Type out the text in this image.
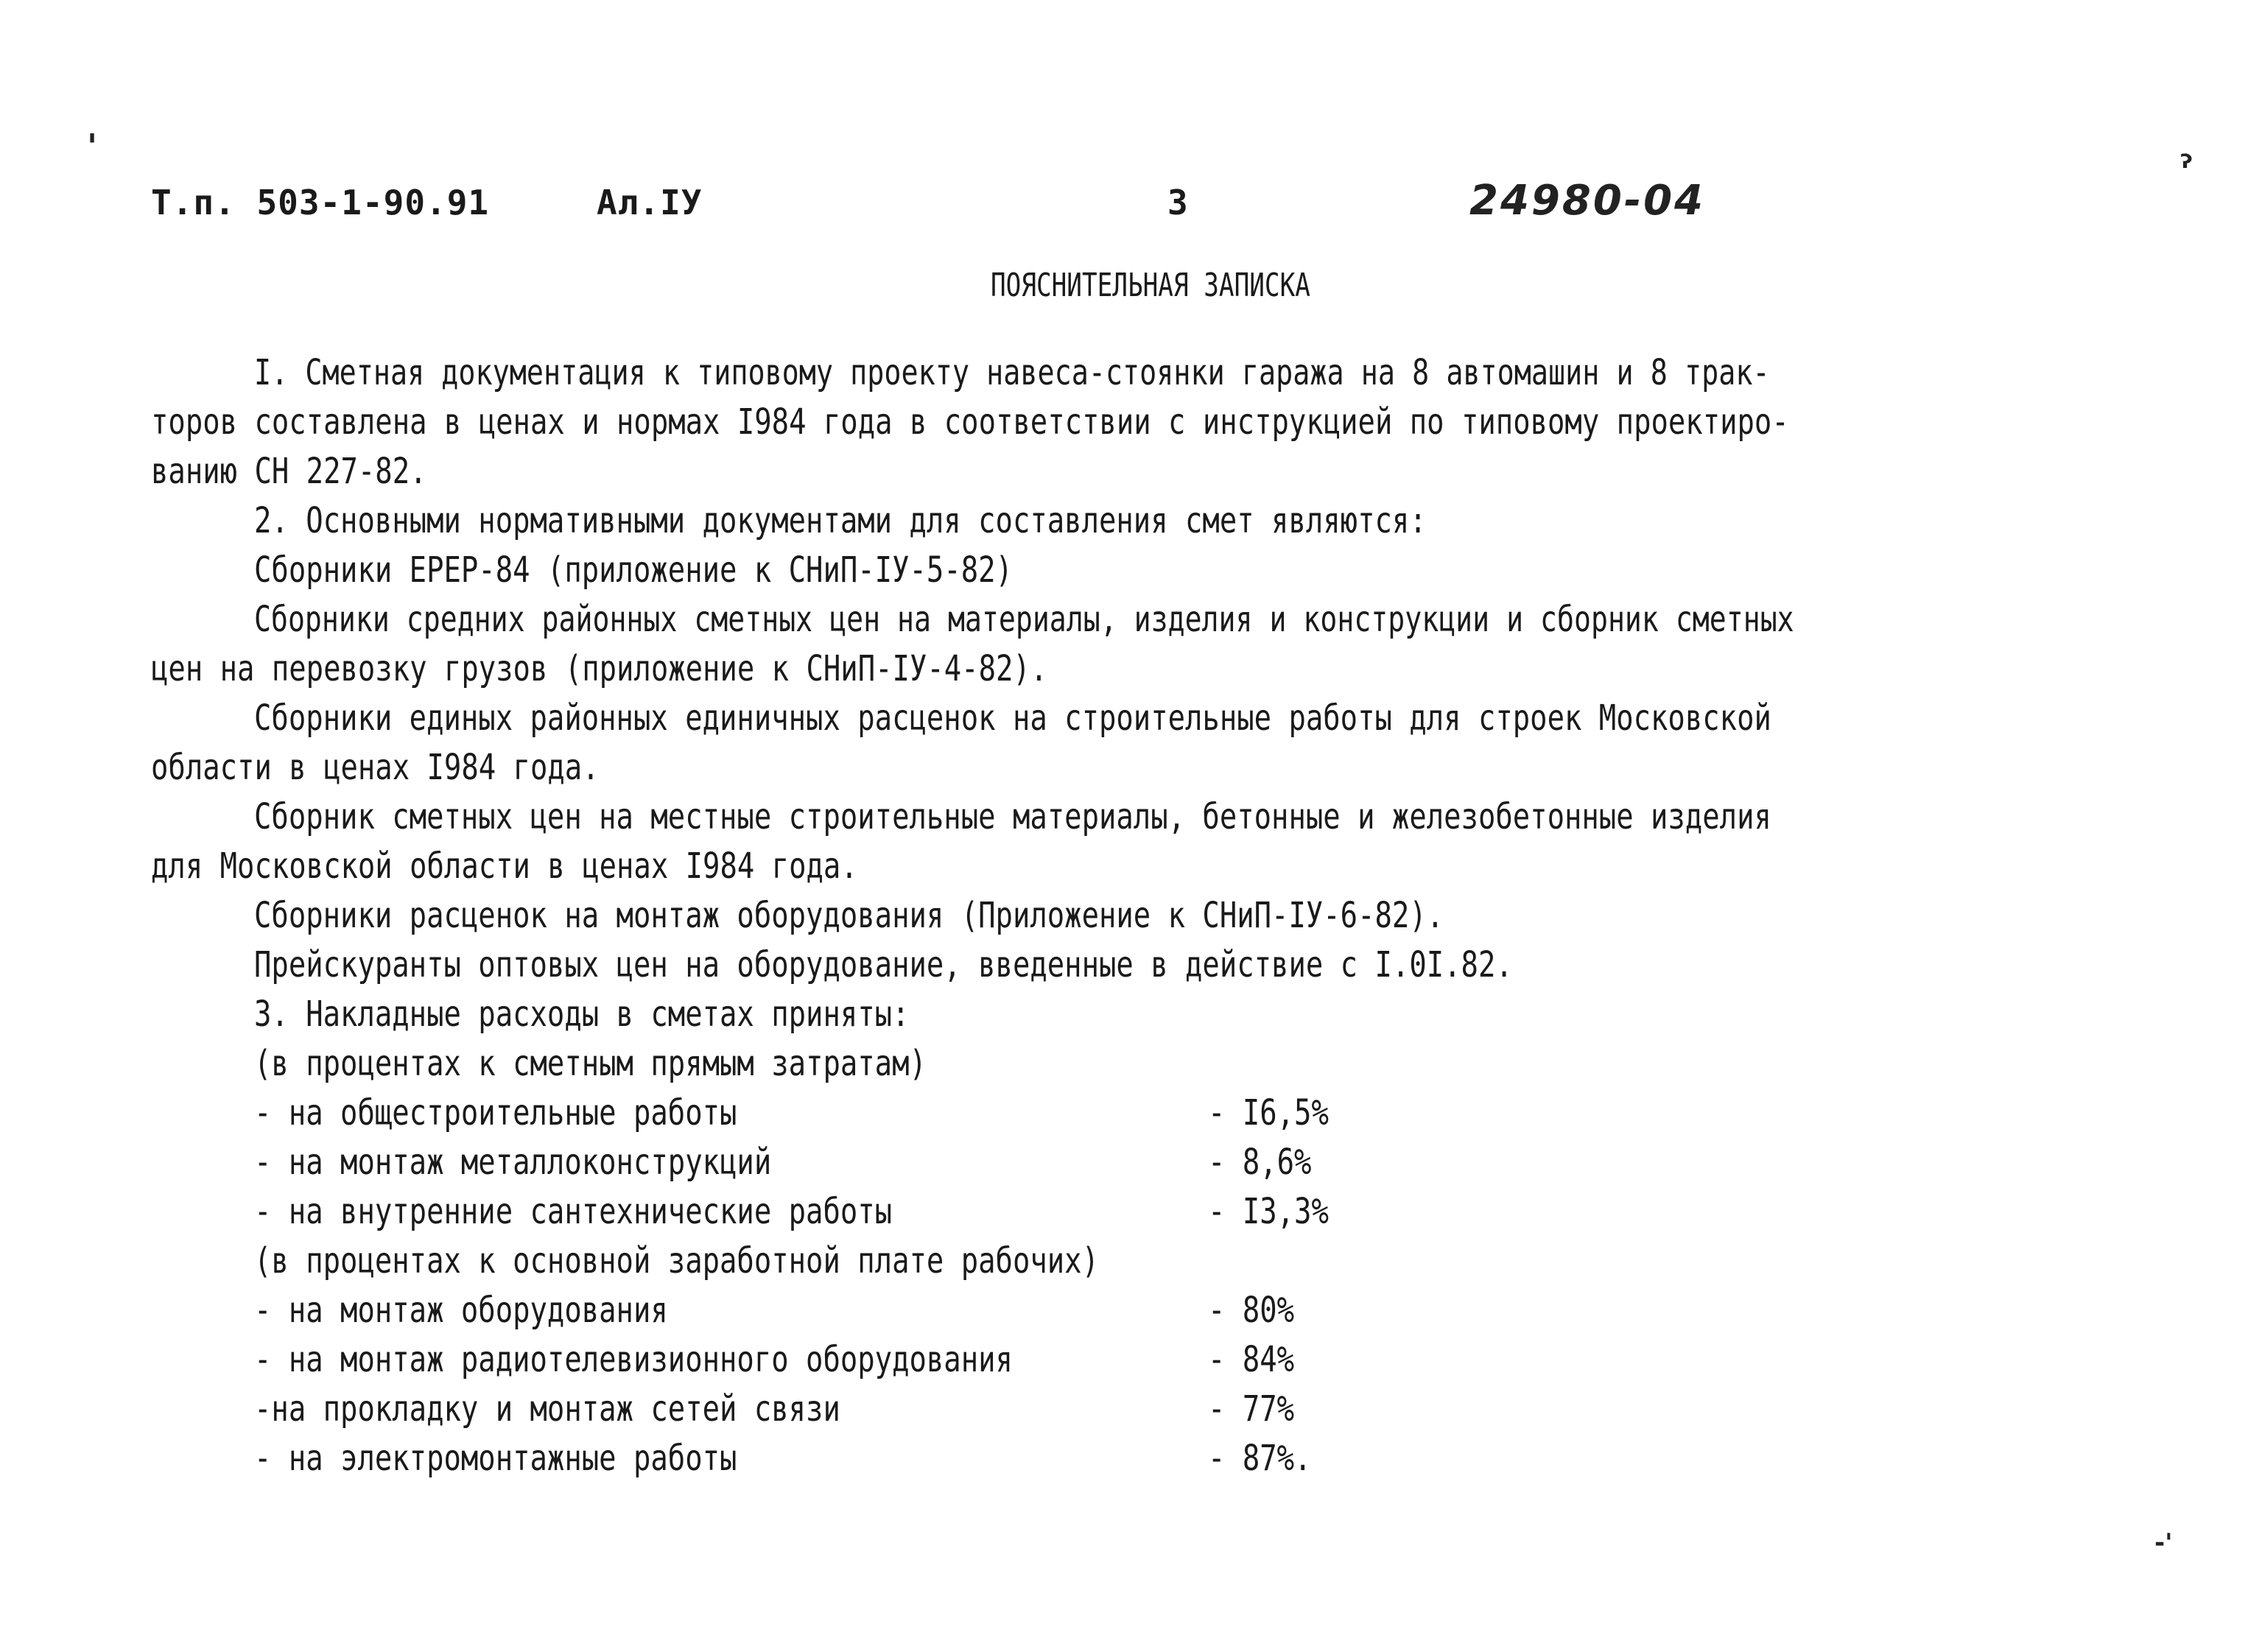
'
ˀ
-'
Т.п. 503-1-90.91	Ал.IУ	3	24980-04
ПОЯСНИТЕЛЬНАЯ ЗАПИСКА
I. Сметная документация к типовому проекту навеса-стоянки гаража на 8 автомашин и 8 трак-
торов составлена в ценах и нормах I984 года в соответствии с инструкцией по типовому проектиро-
ванию СН 227-82.
2. Основными нормативными документами для составления смет являются:
Сборники ЕРЕР-84 (приложение к СНиП-IУ-5-82)
Сборники средних районных сметных цен на материалы, изделия и конструкции и сборник сметных
цен на перевозку грузов (приложение к СНиП-IУ-4-82).
Сборники единых районных единичных расценок на строительные работы для строек Московской
области в ценах I984 года.
Сборник сметных цен на местные строительные материалы, бетонные и железобетонные изделия
для Московской области в ценах I984 года.
Сборники расценок на монтаж оборудования (Приложение к СНиП-IУ-6-82).
Прейскуранты оптовых цен на оборудование, введенные в действие с I.0I.82.
3. Накладные расходы в сметах приняты:
(в процентах к сметным прямым затратам)
- на общестроительные работы	- I6,5%
- на монтаж металлоконструкций	- 8,6%
- на внутренние сантехнические работы	- I3,3%
(в процентах к основной заработной плате рабочих)
- на монтаж оборудования	- 80%
- на монтаж радиотелевизионного оборудования	- 84%
-на прокладку и монтаж сетей связи	- 77%
- на электромонтажные работы	- 87%.
